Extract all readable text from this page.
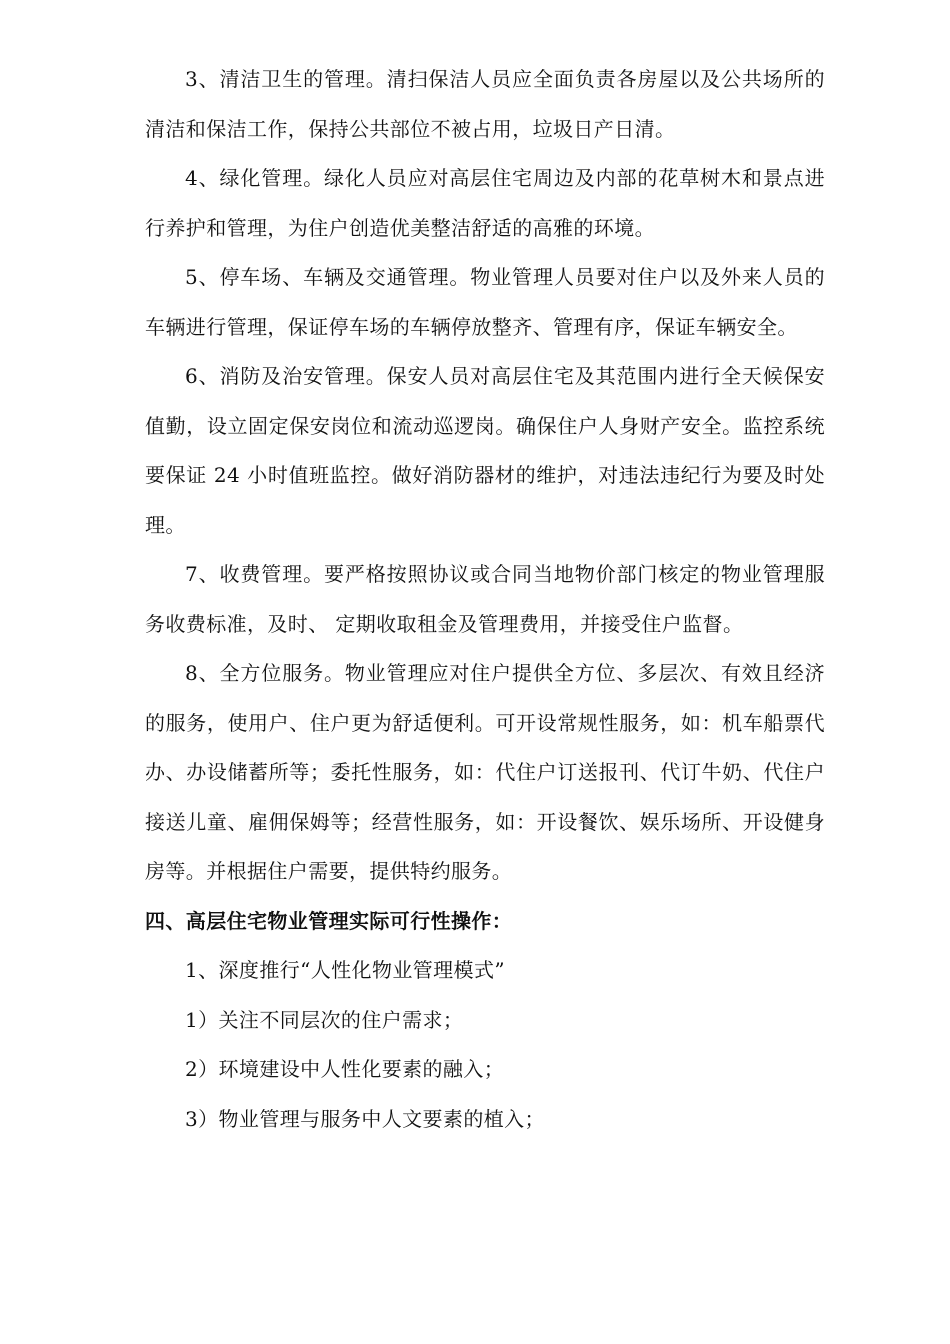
3、清洁卫生的管理。清扫保洁人员应全面负责各房屋以及公共场所的清洁和保洁工作，保持公共部位不被占用，垃圾日产日清。

4、绿化管理。绿化人员应对高层住宅周边及内部的花草树木和景点进行养护和管理，为住户创造优美整洁舒适的高雅的环境。

5、停车场、车辆及交通管理。物业管理人员要对住户以及外来人员的车辆进行管理，保证停车场的车辆停放整齐、管理有序，保证车辆安全。

6、消防及治安管理。保安人员对高层住宅及其范围内进行全天候保安值勤，设立固定保安岗位和流动巡逻岗。确保住户人身财产安全。监控系统要保证 24 小时值班监控。做好消防器材的维护，对违法违纪行为要及时处理。

7、收费管理。要严格按照协议或合同当地物价部门核定的物业管理服务收费标准，及时、 定期收取租金及管理费用，并接受住户监督。

8、全方位服务。物业管理应对住户提供全方位、多层次、有效且经济的服务，使用户、住户更为舒适便利。可开设常规性服务，如：机车船票代办、办设储蓄所等；委托性服务，如：代住户订送报刊、代订牛奶、代住户接送儿童、雇佣保姆等；经营性服务，如：开设餐饮、娱乐场所、开设健身房等。并根据住户需要，提供特约服务。

四、高层住宅物业管理实际可行性操作：

1、深度推行“人性化物业管理模式”

1）关注不同层次的住户需求；

2）环境建设中人性化要素的融入；

3）物业管理与服务中人文要素的植入；
